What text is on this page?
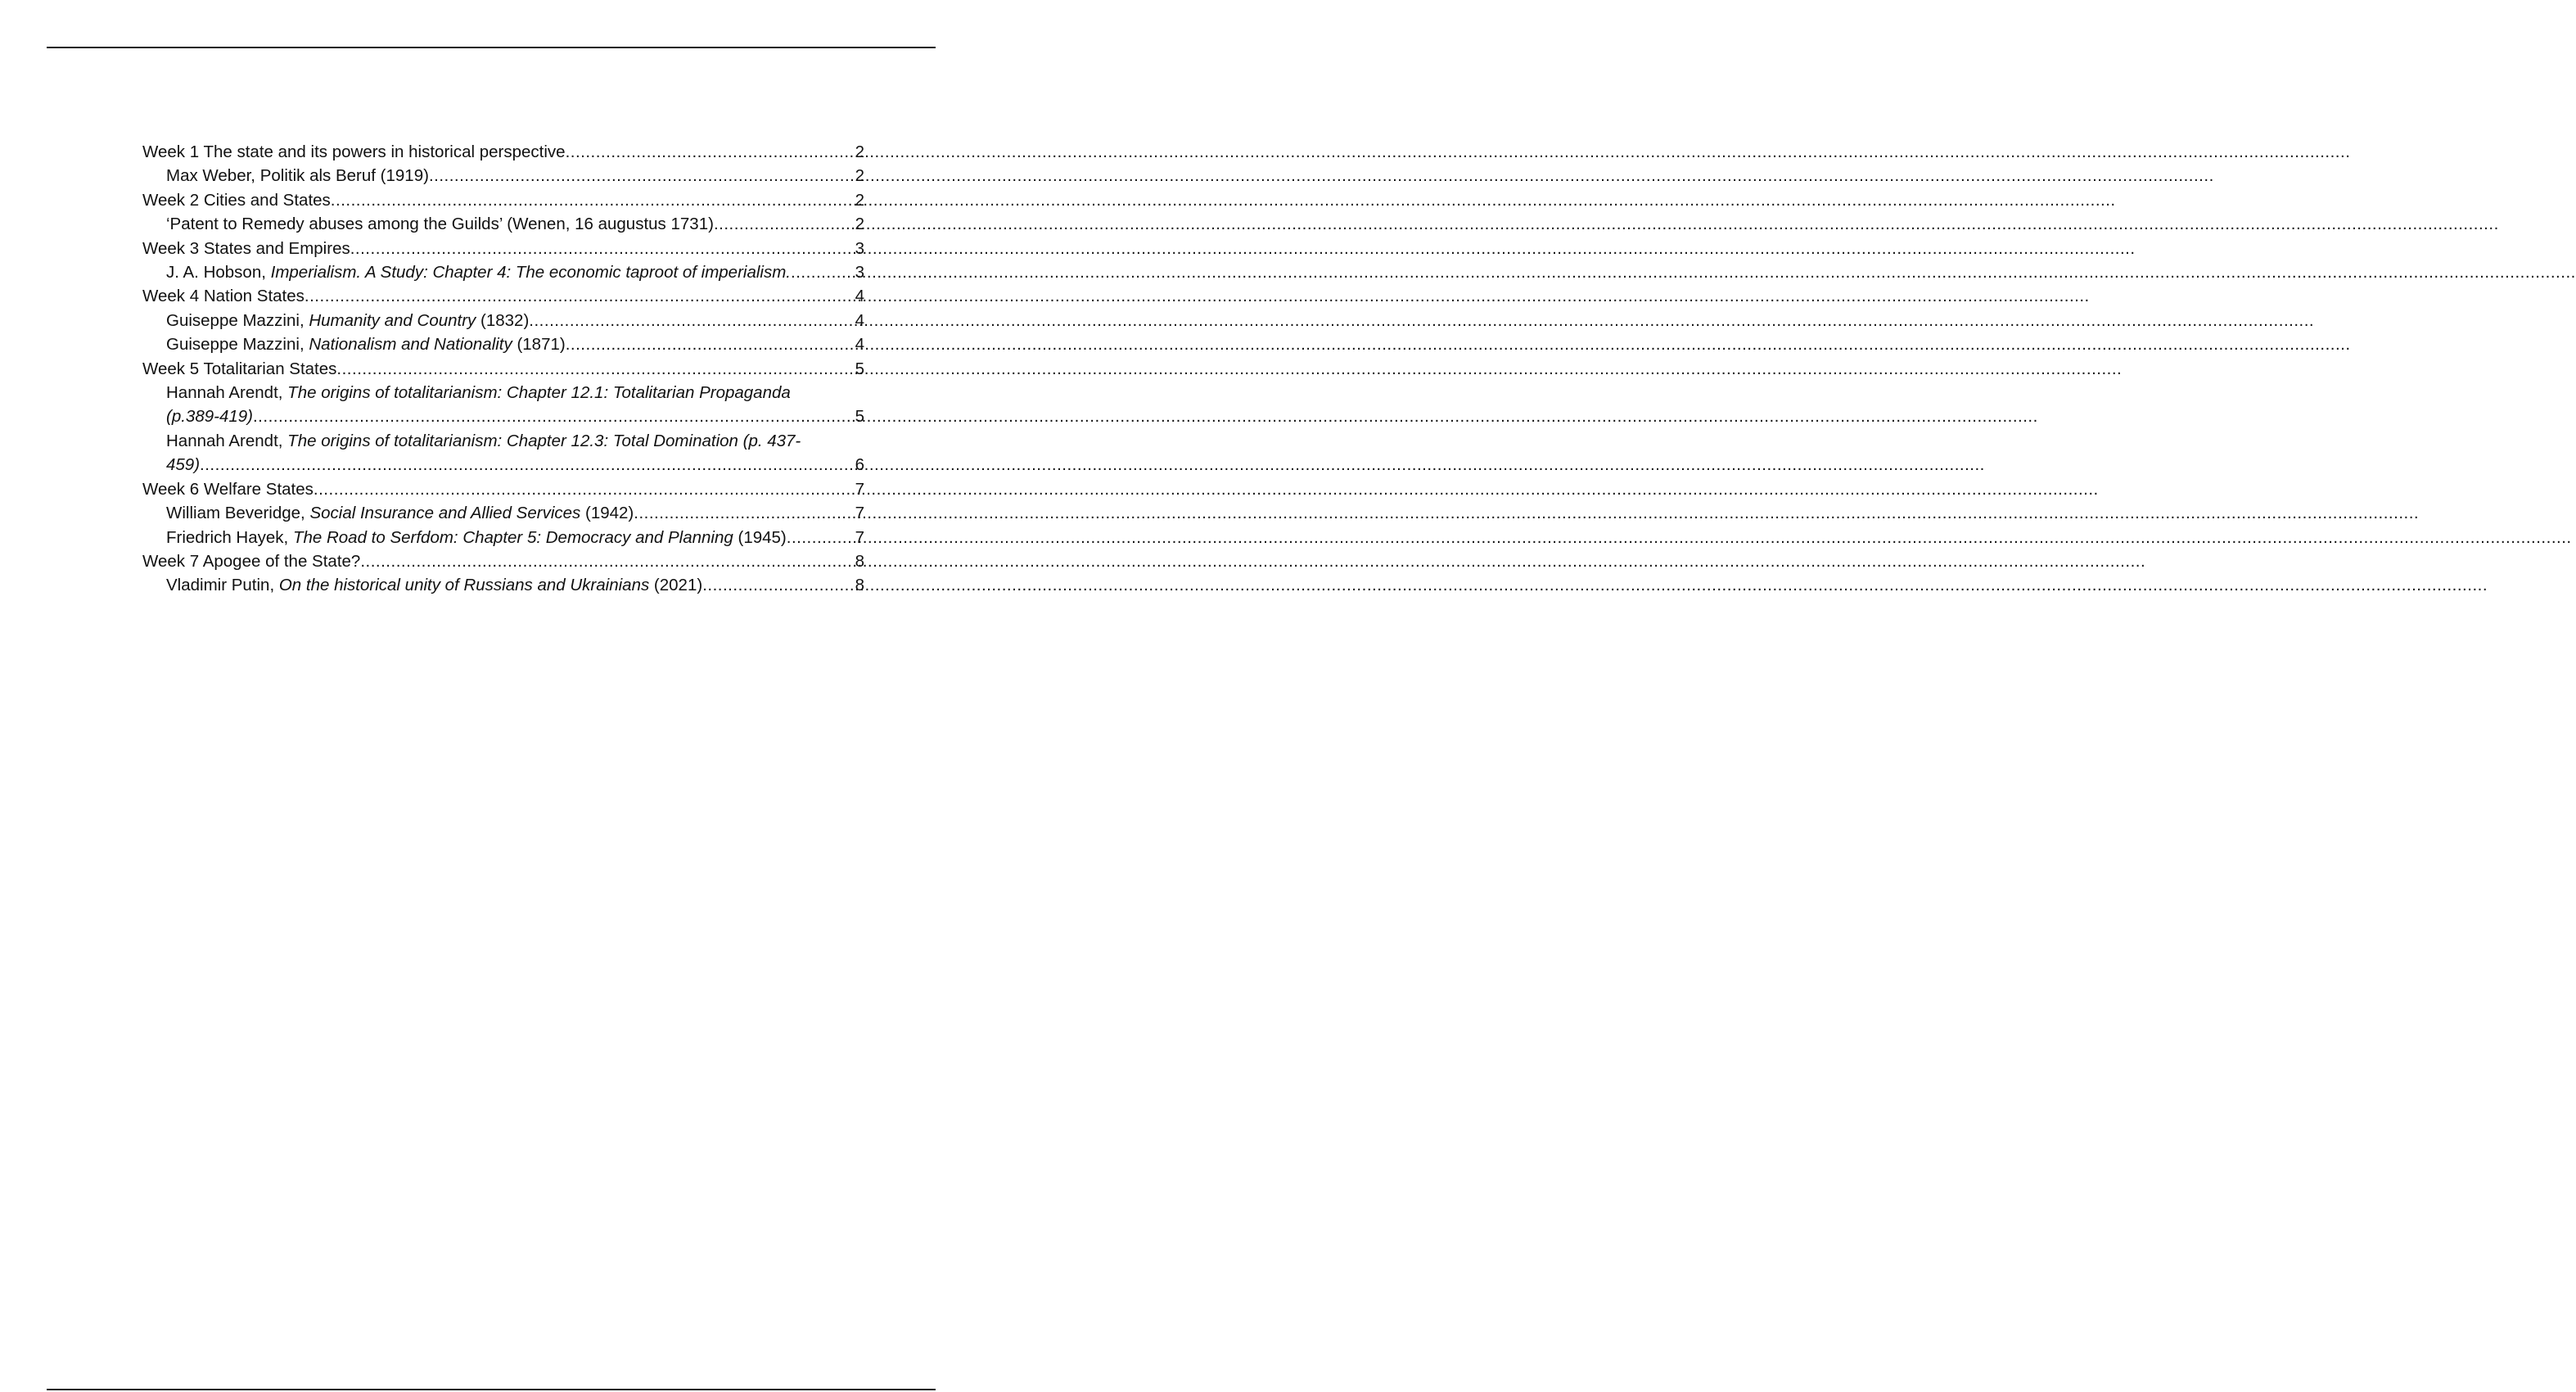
Week 1 The state and its powers in historical perspective .....	2
Max Weber, Politik als Beruf (1919) .....	2
Week 2 Cities and States .....	2
‘Patent to Remedy abuses among the Guilds’ (Wenen, 16 augustus 1731) .....	2
Week 3 States and Empires .....	3
J. A. Hobson, Imperialism. A Study: Chapter 4: The economic taproot of imperialism. .....	3
Week 4 Nation States .....	4
Guiseppe Mazzini, Humanity and Country (1832) .....	4
Guiseppe Mazzini, Nationalism and Nationality (1871) .....	4
Week 5 Totalitarian States .....	5
Hannah Arendt, The origins of totalitarianism: Chapter 12.1: Totalitarian Propaganda
(p.389-419) .....	5
Hannah Arendt, The origins of totalitarianism: Chapter 12.3: Total Domination (p. 437-
459) .....	6
Week 6 Welfare States .....	7
William Beveridge, Social Insurance and Allied Services (1942) .....	7
Friedrich Hayek, The Road to Serfdom: Chapter 5: Democracy and Planning (1945) .....	7
Week 7 Apogee of the State? .....	8
Vladimir Putin, On the historical unity of Russians and Ukrainians (2021) .....	8
